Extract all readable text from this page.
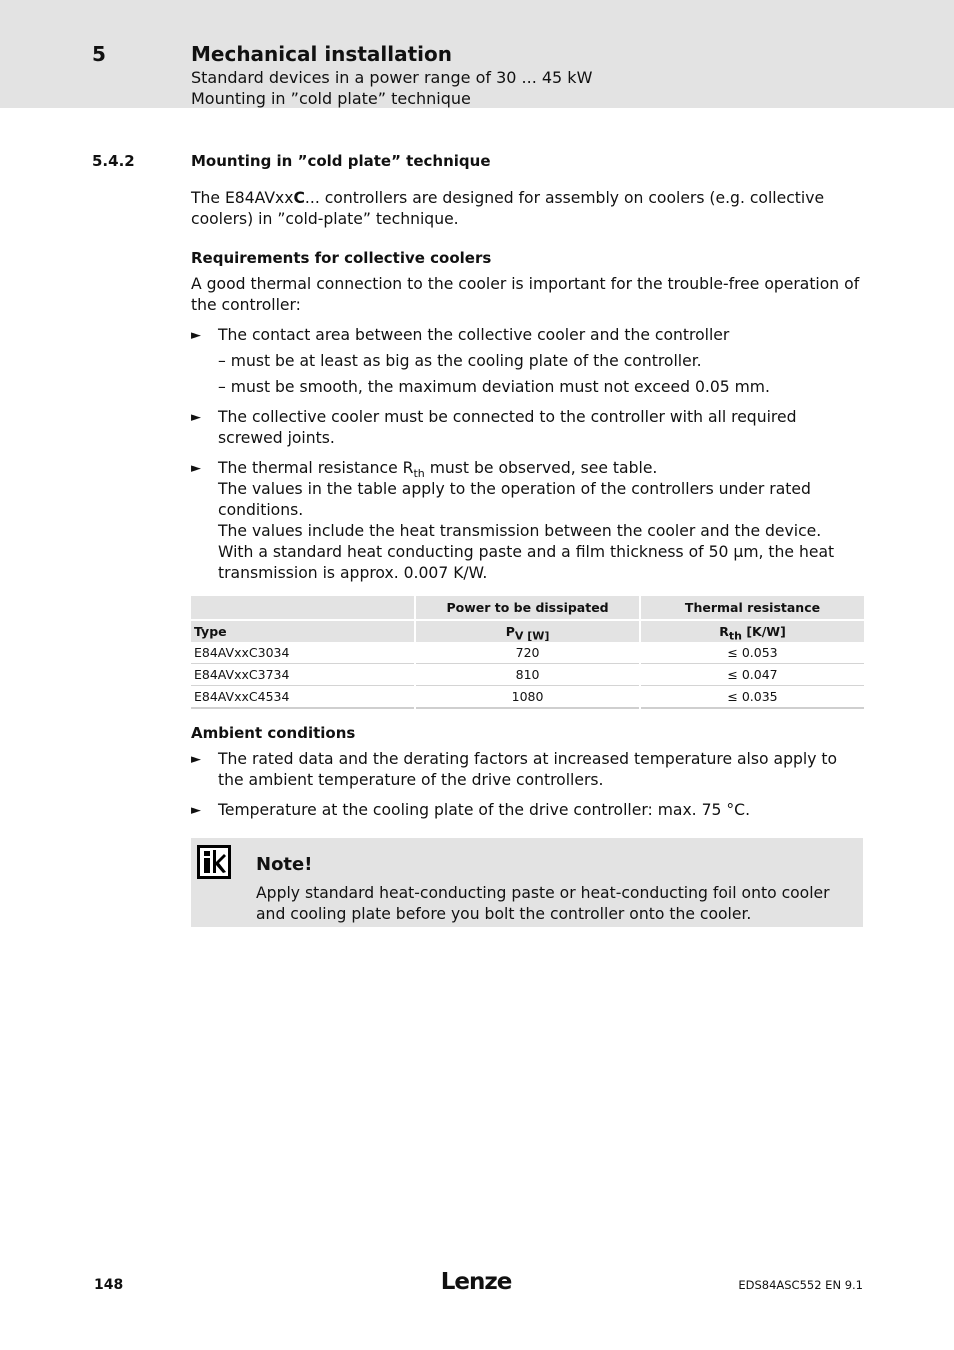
5	Mechanical installation
Standard devices in a power range of 30 ... 45 kW
Mounting in ”cold plate” technique
5.4.2	Mounting in ”cold plate” technique

The E84AVxxC... controllers are designed for assembly on coolers (e.g. collective coolers) in ”cold-plate” technique.

Requirements for collective coolers

A good thermal connection to the cooler is important for the trouble-free operation of the controller:

► The contact area between the collective cooler and the controller
– must be at least as big as the cooling plate of the controller.
– must be smooth, the maximum deviation must not exceed 0.05 mm.
► The collective cooler must be connected to the controller with all required screwed joints.
► The thermal resistance $R_{th}$ must be observed, see table.
The values in the table apply to the operation of the controllers under rated conditions.
The values include the heat transmission between the cooler and the device.
With a standard heat conducting paste and a film thickness of 50 µm, the heat transmission is approx. 0.007 K/W.
	Power to be dissipated	Thermal resistance
Type	$P_{V [W]}$	$R_{th}$ [K/W]
E84AVxxC3034	720	≤ 0.053
E84AVxxC3734	810	≤ 0.047
E84AVxxC4534	1080	≤ 0.035
Ambient conditions
► The rated data and the derating factors at increased temperature also apply to the ambient temperature of the drive controllers.
► Temperature at the cooling plate of the drive controller: max. 75 °C.
Note!
Apply standard heat-conducting paste or heat-conducting foil onto cooler and cooling plate before you bolt the controller onto the cooler.
148	Lenze	EDS84ASC552 EN 9.1
